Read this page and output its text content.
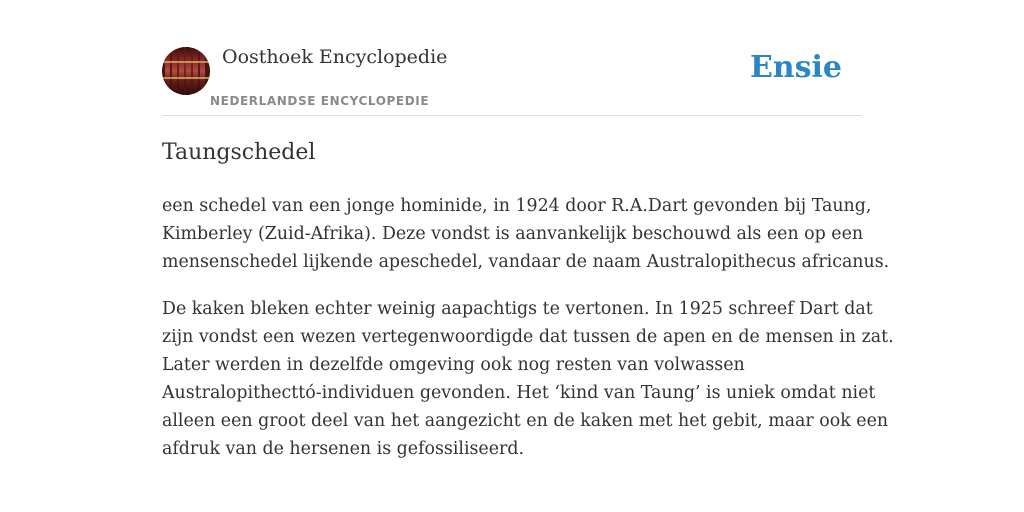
Oosthoek Encyclopedie
NEDERLANDSE ENCYCLOPEDIE
Ensie
Taungschedel

een schedel van een jonge hominide, in 1924 door R.A.Dart gevonden bij Taung,
Kimberley (Zuid-Afrika). Deze vondst is aanvankelijk beschouwd als een op een
mensenschedel lijkende apeschedel, vandaar de naam Australopithecus africanus.

De kaken bleken echter weinig aapachtigs te vertonen. In 1925 schreef Dart dat
zijn vondst een wezen vertegenwoordigde dat tussen de apen en de mensen in zat.
Later werden in dezelfde omgeving ook nog resten van volwassen
Australopithecttó-individuen gevonden. Het ‘kind van Taung’ is uniek omdat niet
alleen een groot deel van het aangezicht en de kaken met het gebit, maar ook een
afdruk van de hersenen is gefossiliseerd.
